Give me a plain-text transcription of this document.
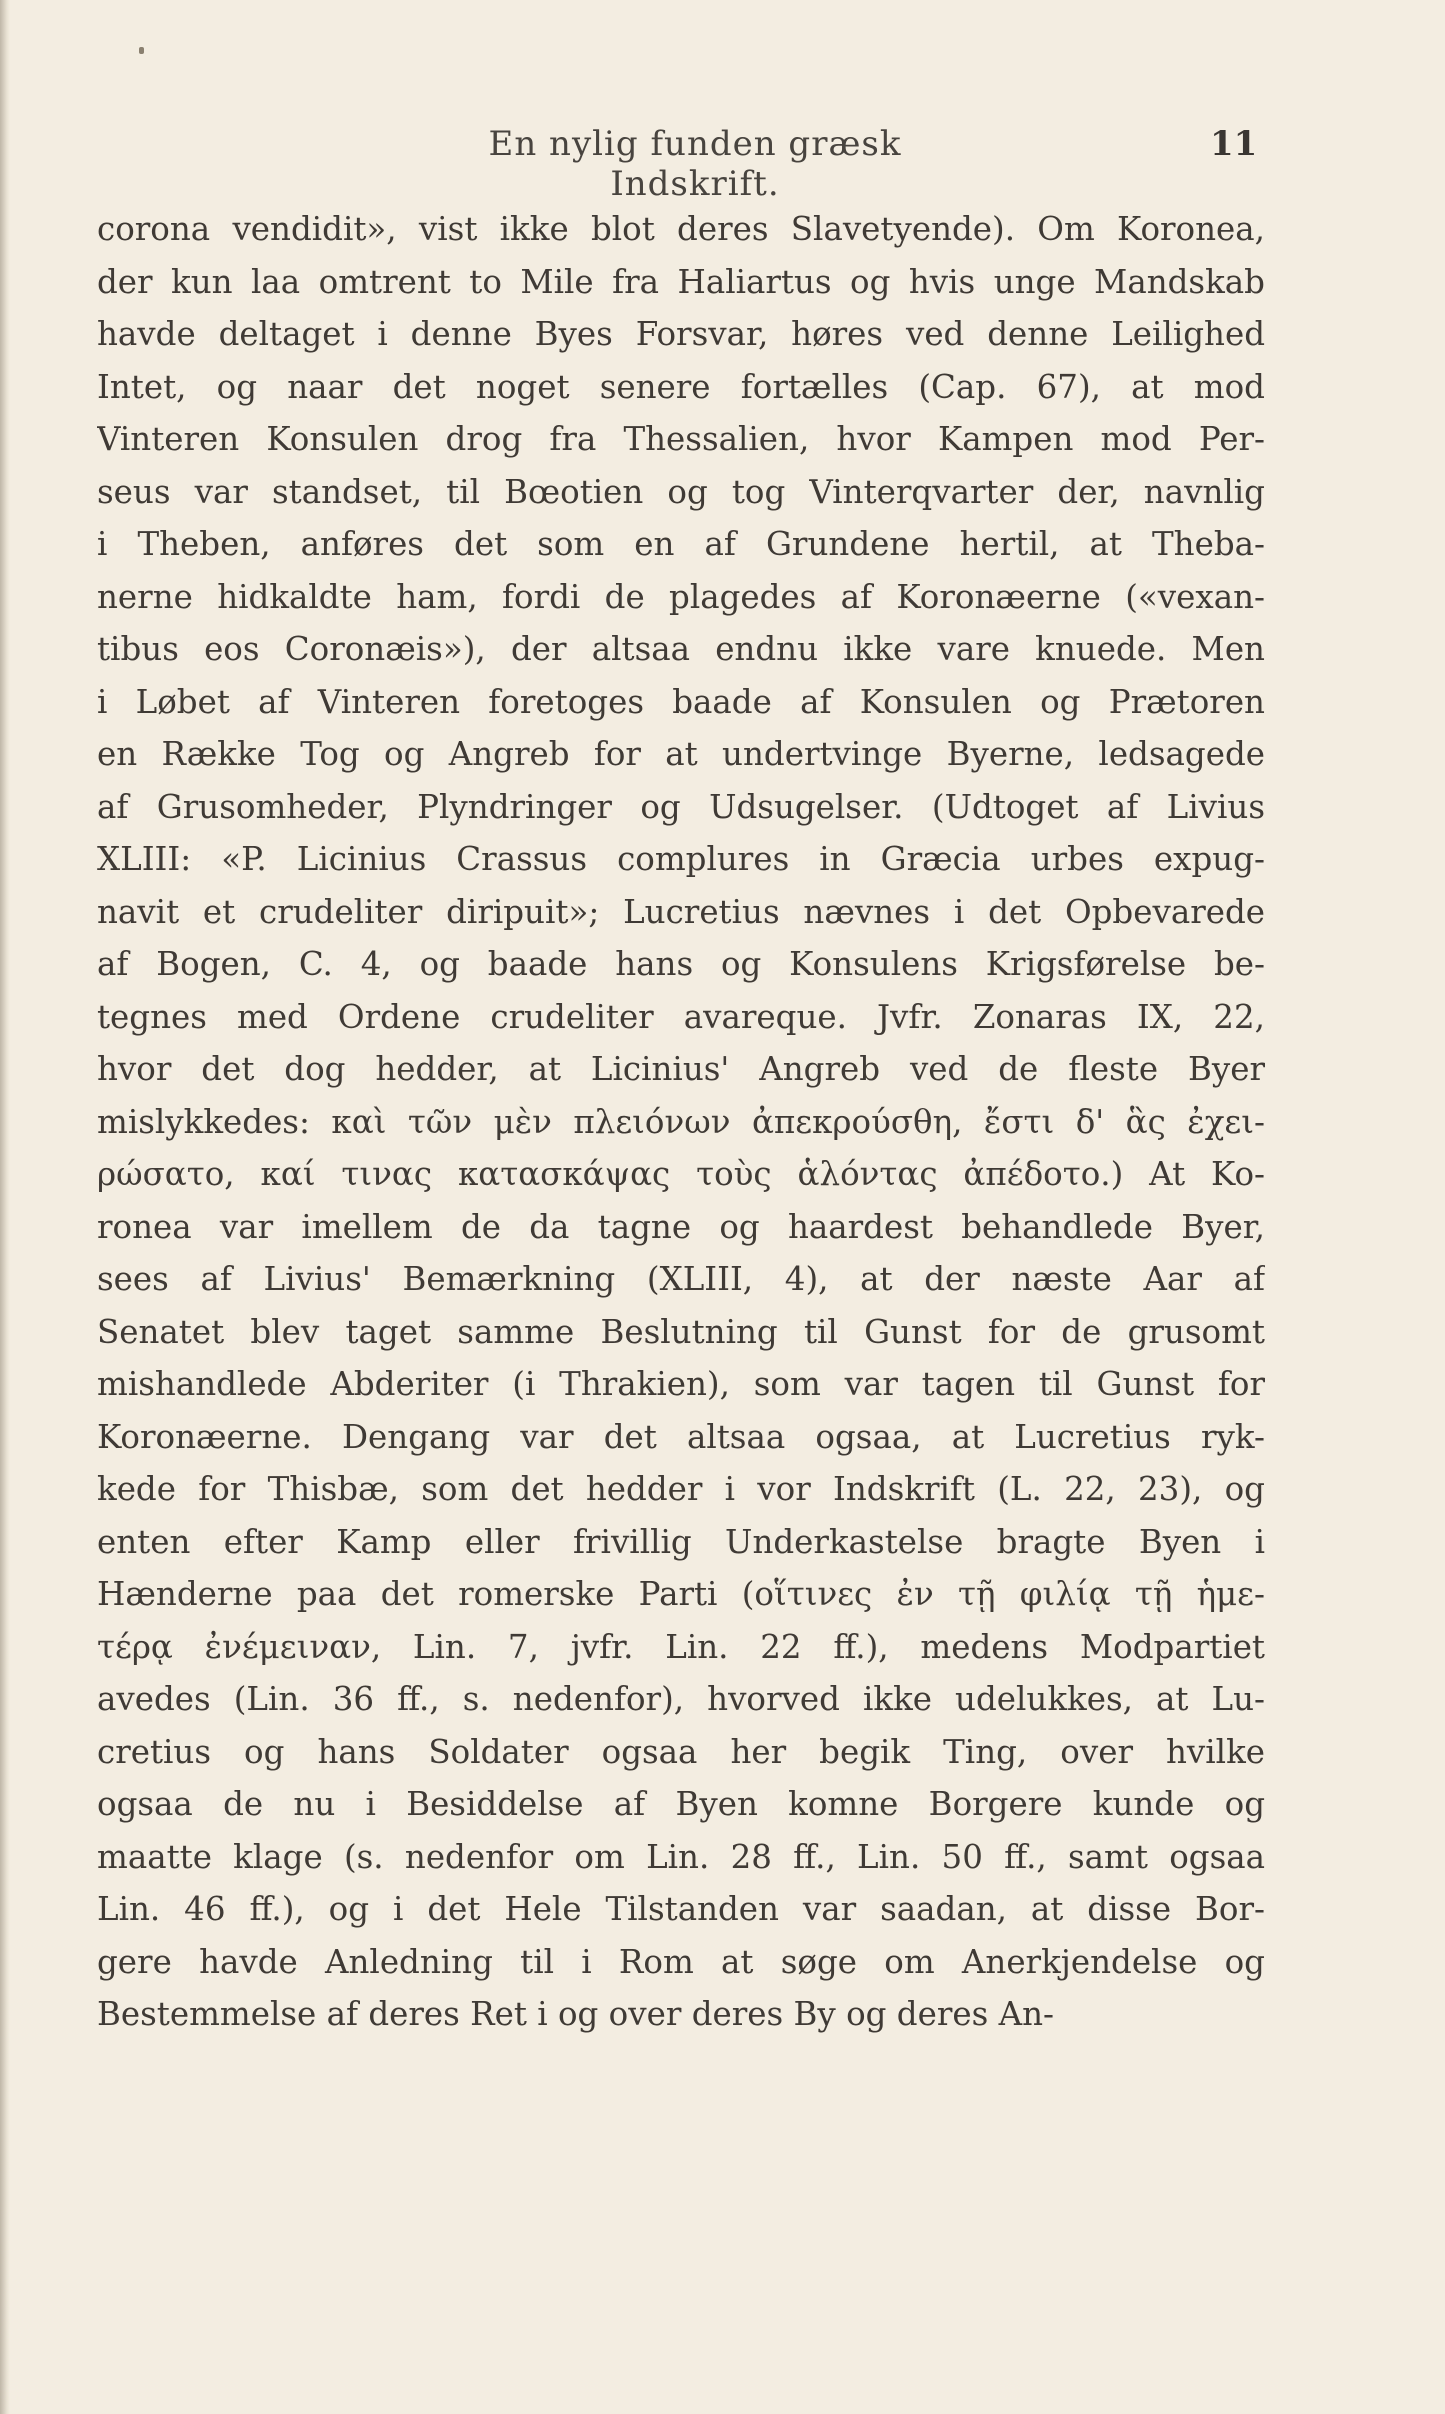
En nylig funden græsk Indskrift.
11
corona vendidit», vist ikke blot deres Slavetyende). Om Koronea,
der kun laa omtrent to Mile fra Haliartus og hvis unge Mandskab
havde deltaget i denne Byes Forsvar, høres ved denne Leilighed
Intet, og naar det noget senere fortælles (Cap. 67), at mod
Vinteren Konsulen drog fra Thessalien, hvor Kampen mod Per-
seus var standset, til Bœotien og tog Vinterqvarter der, navnlig
i Theben, anføres det som en af Grundene hertil, at Theba-
nerne hidkaldte ham, fordi de plagedes af Koronæerne («vexan-
tibus eos Coronæis»), der altsaa endnu ikke vare knuede. Men
i Løbet af Vinteren foretoges baade af Konsulen og Prætoren
en Række Tog og Angreb for at undertvinge Byerne, ledsagede
af Grusomheder, Plyndringer og Udsugelser. (Udtoget af Livius
XLIII: «P. Licinius Crassus complures in Græcia urbes expug-
navit et crudeliter diripuit»; Lucretius nævnes i det Opbevarede
af Bogen, C. 4, og baade hans og Konsulens Krigsførelse be-
tegnes med Ordene crudeliter avareque. Jvfr. Zonaras IX, 22,
hvor det dog hedder, at Licinius' Angreb ved de fleste Byer
mislykkedes: καὶ τῶν μὲν πλειόνων ἀπεκρούσθη, ἔστι δ' ἃς ἐχει-
ρώσατο, καί τινας κατασκάψας τοὺς ἁλόντας ἀπέδοτο.) At Ko-
ronea var imellem de da tagne og haardest behandlede Byer,
sees af Livius' Bemærkning (XLIII, 4), at der næste Aar af
Senatet blev taget samme Beslutning til Gunst for de grusomt
mishandlede Abderiter (i Thrakien), som var tagen til Gunst for
Koronæerne. Dengang var det altsaa ogsaa, at Lucretius ryk-
kede for Thisbæ, som det hedder i vor Indskrift (L. 22, 23), og
enten efter Kamp eller frivillig Underkastelse bragte Byen i
Hænderne paa det romerske Parti (οἵτινες ἐν τῇ φιλίᾳ τῇ ἡμε-
τέρᾳ ἐνέμειναν, Lin. 7, jvfr. Lin. 22 ff.), medens Modpartiet
avedes (Lin. 36 ff., s. nedenfor), hvorved ikke udelukkes, at Lu-
cretius og hans Soldater ogsaa her begik Ting, over hvilke
ogsaa de nu i Besiddelse af Byen komne Borgere kunde og
maatte klage (s. nedenfor om Lin. 28 ff., Lin. 50 ff., samt ogsaa
Lin. 46 ff.), og i det Hele Tilstanden var saadan, at disse Bor-
gere havde Anledning til i Rom at søge om Anerkjendelse og
Bestemmelse af deres Ret i og over deres By og deres An-
